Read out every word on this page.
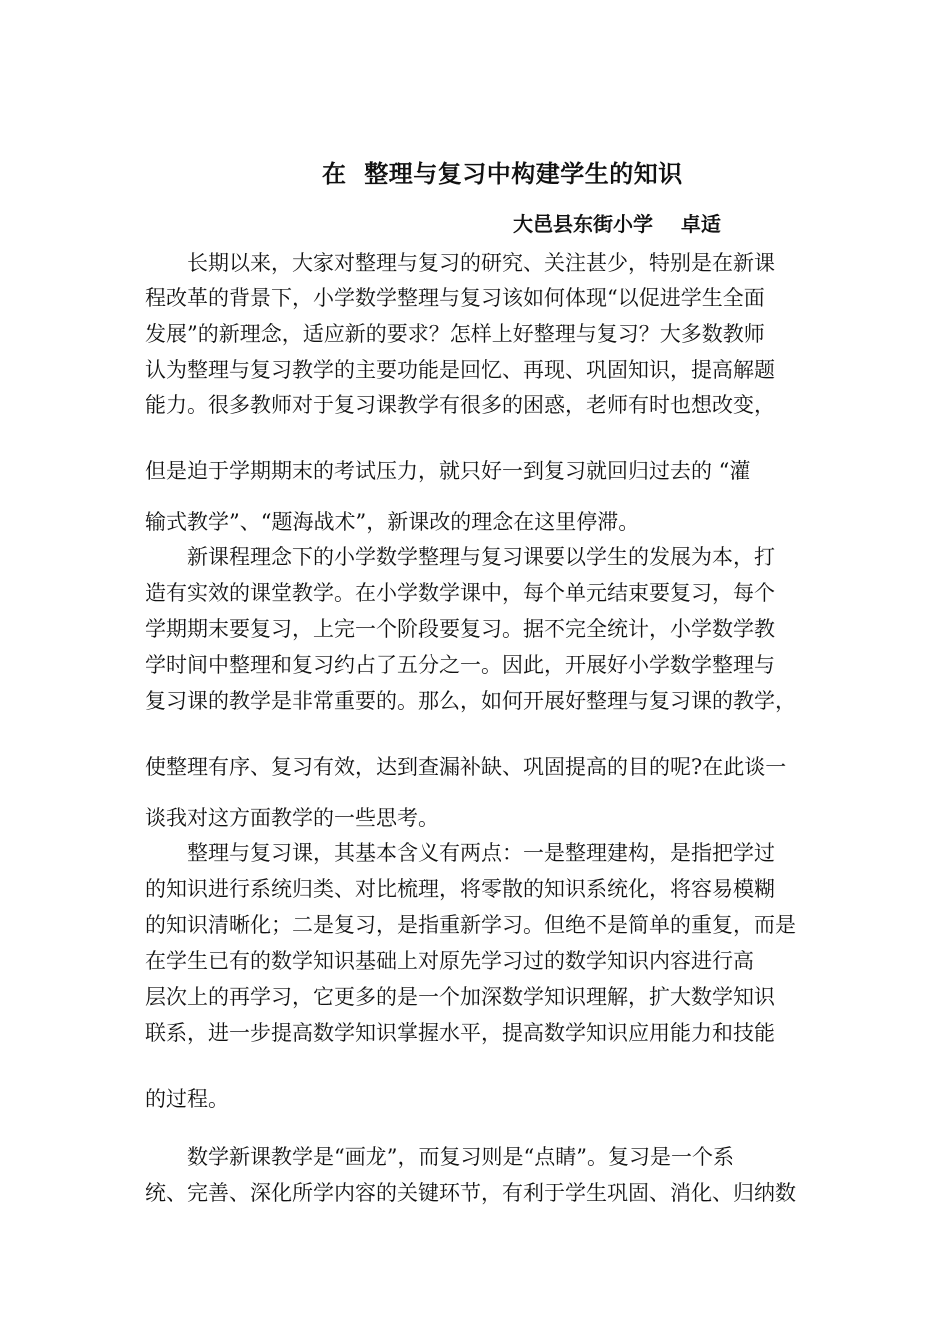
在  整理与复习中构建学生的知识
大邑县东街小学    卓适
长期以来，大家对整理与复习的研究、关注甚少，特别是在新课
程改革的背景下，小学数学整理与复习该如何体现“以促进学生全面
发展”的新理念，适应新的要求？怎样上好整理与复习？大多数教师
认为整理与复习教学的主要功能是回忆、再现、巩固知识，提高解题
能力。很多教师对于复习课教学有很多的困惑，老师有时也想改变，
但是迫于学期期末的考试压力，就只好一到复习就回归过去的 “灌
输式教学”、“题海战术”，新课改的理念在这里停滞。
新课程理念下的小学数学整理与复习课要以学生的发展为本，打
造有实效的课堂教学。在小学数学课中，每个单元结束要复习，每个
学期期末要复习，上完一个阶段要复习。据不完全统计，小学数学教
学时间中整理和复习约占了五分之一。因此，开展好小学数学整理与
复习课的教学是非常重要的。那么，如何开展好整理与复习课的教学，
使整理有序、复习有效，达到查漏补缺、巩固提高的目的呢?在此谈一
谈我对这方面教学的一些思考。
整理与复习课，其基本含义有两点：一是整理建构，是指把学过
的知识进行系统归类、对比梳理，将零散的知识系统化，将容易模糊
的知识清晰化；二是复习，是指重新学习。但绝不是简单的重复，而是
在学生已有的数学知识基础上对原先学习过的数学知识内容进行高
层次上的再学习，它更多的是一个加深数学知识理解，扩大数学知识
联系，进一步提高数学知识掌握水平，提高数学知识应用能力和技能
的过程。
数学新课教学是“画龙”，而复习则是“点睛”。复习是一个系
统、完善、深化所学内容的关键环节，有利于学生巩固、消化、归纳数
